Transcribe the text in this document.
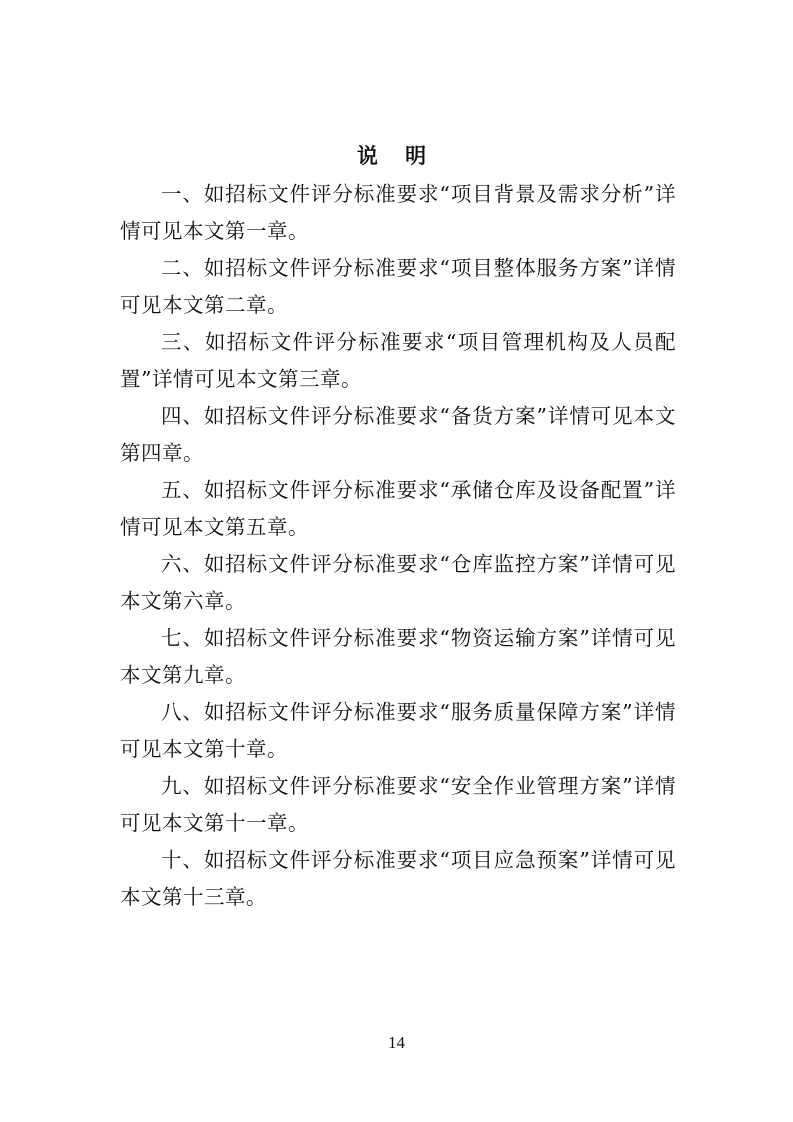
说 明

一、如招标文件评分标准要求“项目背景及需求分析”详情可见本文第一章。

二、如招标文件评分标准要求“项目整体服务方案”详情可见本文第二章。

三、如招标文件评分标准要求“项目管理机构及人员配置”详情可见本文第三章。

四、如招标文件评分标准要求“备货方案”详情可见本文第四章。

五、如招标文件评分标准要求“承储仓库及设备配置”详情可见本文第五章。

六、如招标文件评分标准要求“仓库监控方案”详情可见本文第六章。

七、如招标文件评分标准要求“物资运输方案”详情可见本文第九章。

八、如招标文件评分标准要求“服务质量保障方案”详情可见本文第十章。

九、如招标文件评分标准要求“安全作业管理方案”详情可见本文第十一章。

十、如招标文件评分标准要求“项目应急预案”详情可见本文第十三章。

14
